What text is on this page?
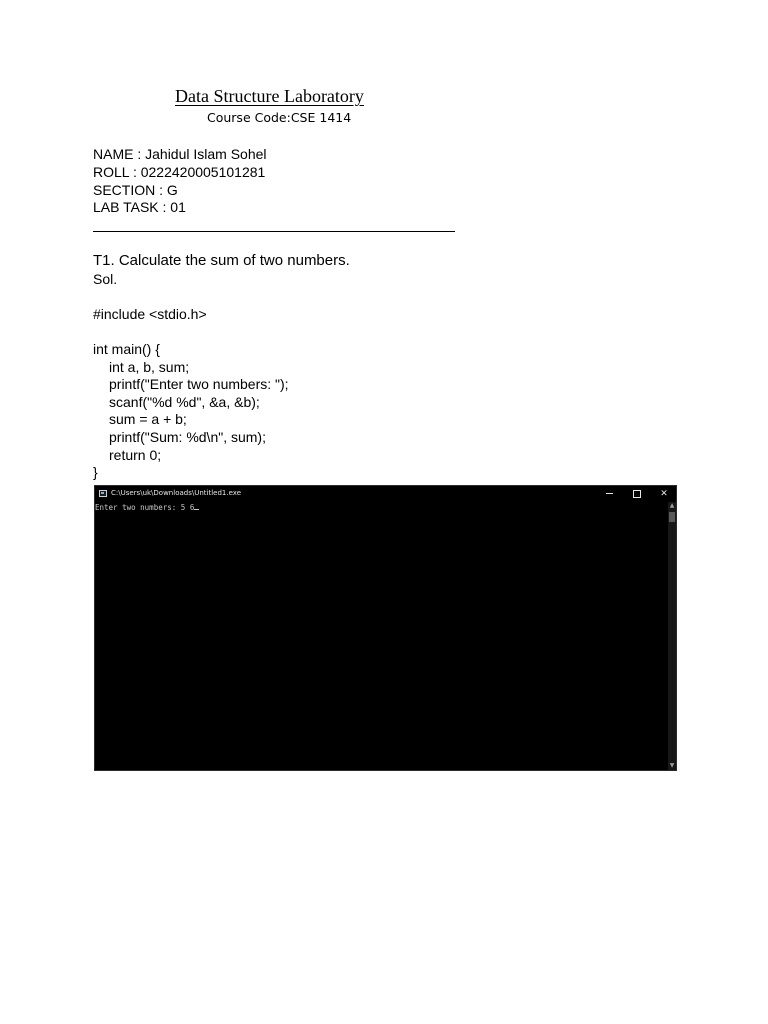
Data Structure Laboratory
Course Code:CSE 1414
NAME : Jahidul Islam Sohel
ROLL : 0222420005101281
SECTION : G
LAB TASK : 01
T1. Calculate the sum of two numbers.
Sol.
#include <stdio.h>
int main() {
int a, b, sum;
printf("Enter two numbers: ");
scanf("%d %d", &a, &b);
sum = a + b;
printf("Sum: %d\n", sum);
return 0;
}
C:\Users\uk\Downloads\Untitled1.exe	✕
Enter two numbers: 5 6	▲
▼
